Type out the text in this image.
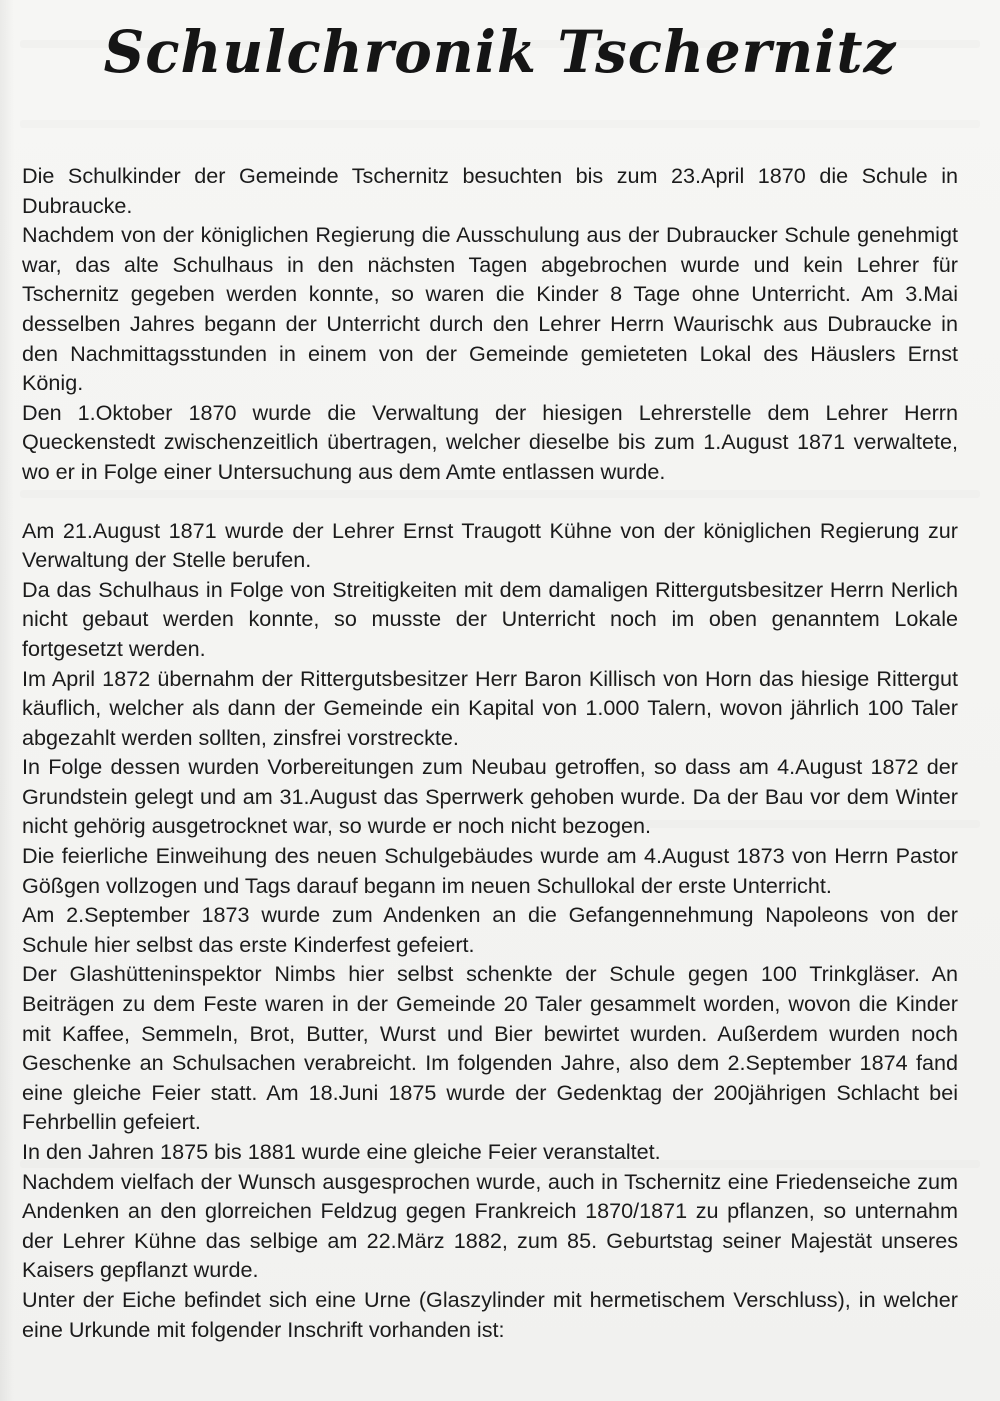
Schulchronik Tschernitz

Die Schulkinder der Gemeinde Tschernitz besuchten bis zum 23.April 1870 die Schule in Dubraucke.

Nachdem von der königlichen Regierung die Ausschulung aus der Dubraucker Schule genehmigt war, das alte Schulhaus in den nächsten Tagen abgebrochen wurde und kein Lehrer für Tschernitz gegeben werden konnte, so waren die Kinder 8 Tage ohne Unterricht. Am 3.Mai desselben Jahres begann der Unterricht durch den Lehrer Herrn Waurischk aus Dubraucke in den Nachmittagsstunden in einem von der Gemeinde gemieteten Lokal des Häuslers Ernst König.

Den 1.Oktober 1870 wurde die Verwaltung der hiesigen Lehrerstelle dem Lehrer Herrn Queckenstedt zwischenzeitlich übertragen, welcher dieselbe bis zum 1.August 1871 verwaltete, wo er in Folge einer Untersuchung aus dem Amte entlassen wurde.

Am 21.August 1871 wurde der Lehrer Ernst Traugott Kühne von der königlichen Regierung zur Verwaltung der Stelle berufen.

Da das Schulhaus in Folge von Streitigkeiten mit dem damaligen Rittergutsbesitzer Herrn Nerlich nicht gebaut werden konnte, so musste der Unterricht noch im oben genanntem Lokale fortgesetzt werden.

Im April 1872 übernahm der Rittergutsbesitzer Herr Baron Killisch von Horn das hiesige Rittergut käuflich, welcher als dann der Gemeinde ein Kapital von 1.000 Talern, wovon jährlich 100 Taler abgezahlt werden sollten, zinsfrei vorstreckte.

In Folge dessen wurden Vorbereitungen zum Neubau getroffen, so dass am 4.August 1872 der Grundstein gelegt und am 31.August das Sperrwerk gehoben wurde. Da der Bau vor dem Winter nicht gehörig ausgetrocknet war, so wurde er noch nicht bezogen.

Die feierliche Einweihung des neuen Schulgebäudes wurde am 4.August 1873 von Herrn Pastor Gößgen vollzogen und Tags darauf begann im neuen Schullokal der erste Unterricht.

Am 2.September 1873 wurde zum Andenken an die Gefangennehmung Napoleons von der Schule hier selbst das erste Kinderfest gefeiert.

Der Glashütteninspektor Nimbs hier selbst schenkte der Schule gegen 100 Trinkgläser. An Beiträgen zu dem Feste waren in der Gemeinde 20 Taler gesammelt worden, wovon die Kinder mit Kaffee, Semmeln, Brot, Butter, Wurst und Bier bewirtet wurden. Außerdem wurden noch Geschenke an Schulsachen verabreicht. Im folgenden Jahre, also dem 2.September 1874 fand eine gleiche Feier statt. Am 18.Juni 1875 wurde der Gedenktag der 200jährigen Schlacht bei Fehrbellin gefeiert.

In den Jahren 1875 bis 1881 wurde eine gleiche Feier veranstaltet.

Nachdem vielfach der Wunsch ausgesprochen wurde, auch in Tschernitz eine Friedenseiche zum Andenken an den glorreichen Feldzug gegen Frankreich 1870/1871 zu pflanzen, so unternahm der Lehrer Kühne das selbige am 22.März 1882, zum 85. Geburtstag seiner Majestät unseres Kaisers gepflanzt wurde.

Unter der Eiche befindet sich eine Urne (Glaszylinder mit hermetischem Verschluss), in welcher eine Urkunde mit folgender Inschrift vorhanden ist:
